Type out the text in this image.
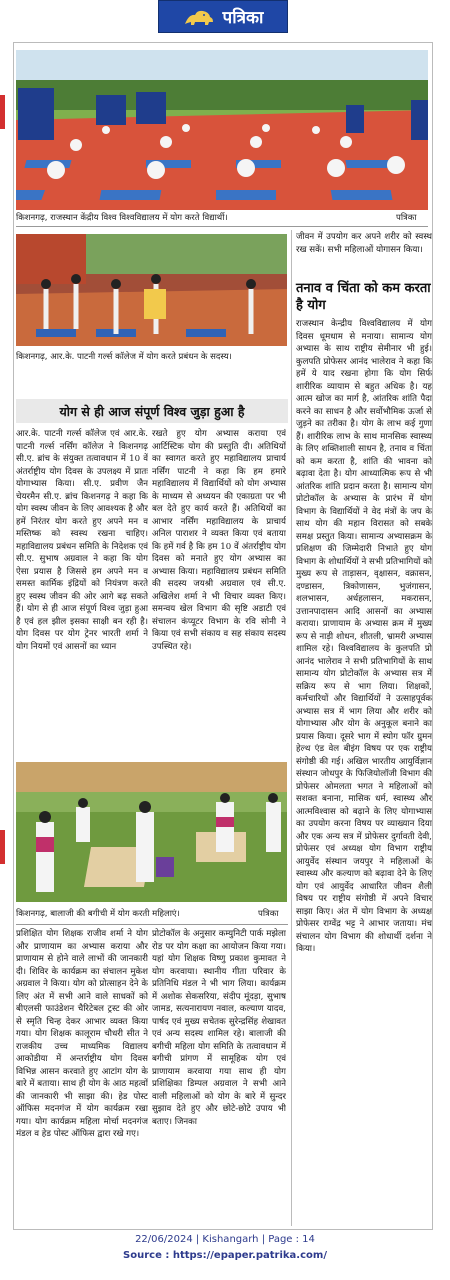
पत्रिका
किशनगढ़, राजस्थान केंद्रीय विश्व विश्वविद्यालय में योग करते विद्यार्थी।	पत्रिका
किशनगढ़, आर.के. पाटनी गर्ल्स कॉलेज में योग करते प्रबंधन के सदस्य।
योग से ही आज संपूर्ण विश्व जुड़ा हुआ है

आर.के. पाटनी गर्ल्स कॉलेज एवं आर.के. पाटनी गर्ल्स नर्सिंग कॉलेज ने किशनगढ़ सी.ए. ब्रांच के संयुक्त तत्वावधान में 10 वें अंतर्राष्ट्रीय योग दिवस के उपलक्ष्य में प्रातः योगाभ्यास किया। सी.ए. प्रवीण जैन चेयरमैन सी.ए. ब्रांच किशनगढ़ ने कहा कि योग स्वस्थ जीवन के लिए आवश्यक है और हमें निरंतर योग करते हुए अपने मन व मस्तिष्क को स्वस्थ रखना चाहिए। महाविद्यालय प्रबंधन समिति के निदेशक एवं सी.ए. सुभाष अग्रवाल ने कहा कि योग ऐसा प्रयास है जिससे हम अपने मन व समस्त कार्मिक इंद्रियों को नियंत्रण करते हुए स्वस्थ जीवन की ओर आगे बढ़ सकते हैं। योग से ही आज संपूर्ण विश्व जुड़ा हुआ है एवं हल झील इसका साक्षी बन रही है। योग दिवस पर योग ट्रेनर भारती शर्मा ने योग नियमों एवं आसनों का ध्यान

रखते हुए योग अभ्यास कराया एवं आर्टिस्टिक योग की प्रस्तुति दी। अतिथियों का स्वागत करते हुए महाविद्यालय प्राचार्य नर्सिंग पाटनी ने कहा कि हम हमारे महाविद्यालय में विद्यार्थियों को योग अभ्यास के माध्यम से अध्ययन की एकाग्रता पर भी बल देते हुए कार्य करते हैं। अतिथियों का आभार नर्सिंग महाविद्यालय के प्राचार्य अनिल पाराशर ने व्यक्त किया एवं बताया कि हमें गर्व है कि हम 10 वें अंतर्राष्ट्रीय योग दिवस को मनाते हुए योग अभ्यास का अभ्यास किया। महाविद्यालय प्रबंधन समिति की सदस्य जयश्री अग्रवाल एवं सी.ए. अखिलेश शर्मा ने भी विचार व्यक्त किए। समन्वय खेल विभाग की सृष्टि अडाटी एवं संचालन कंप्यूटर विभाग के रवि सोनी ने किया एवं सभी संकाय व सह संकाय सदस्य उपस्थित रहे।

किशनगढ़, बालाजी की बगीची में योग करती महिलाएं।	पत्रिका

प्रशिक्षित योग शिक्षक राजीव शर्मा ने योग और प्राणायाम का अभ्यास कराया और प्राणायाम से होने वाले लाभों की जानकारी दी। शिविर के कार्यक्रम का संचालन मुकेश अग्रवाल ने किया। योग को प्रोत्साहन देने के लिए अंत में सभी आने वाले साधकों को बीएलसी फाउंडेशन चैरिटेबल ट्रस्ट की ओर से स्मृति चिन्ह देकर आभार व्यक्त किया गया। योग शिक्षक कालूराम चौधरी सीत ने राजकीय उच्च माध्यमिक विद्यालय आकोडीया में अन्तर्राष्ट्रीय योग दिवस विभिन्न आसन करवाते हुए आटांग योग के बारे में बताया। साथ ही योग के आठ महत्वों की जानकारी भी साझा की। हेड पोस्ट ऑफिस मदनगंज में योग कार्यक्रम रखा गया। योग कार्यक्रम महिला मोर्चा मदनगंज मंडल व हेड पोस्ट ऑफिस द्वारा रखे गए।

प्रोटोकॉल के अनुसार कम्युनिटी पार्क मझेला रोड पर योग कक्षा का आयोजन किया गया। यहां योग शिक्षक विष्णु प्रकाश कुमावत ने योग करवाया। स्थानीय गीता परिवार के प्रतिनिधि मंडल ने भी भाग लिया। कार्यक्रम में अशोक सेकसरिया, संदीप मूंदड़ा, सुभाष जामड, सत्यनारायण नवाल, कल्याण यादव, पार्षद एवं मुख्य सचेतक सुरेन्द्रसिंह शेखावत एवं अन्य सदस्य शामिल रहे। बालाजी की बगीची महिला योग समिति के तत्वावधान में बगीची प्रांगण में सामूहिक योग एवं प्राणायाम करवाया गया साथ ही योग प्रशिक्षिका डिम्पल अग्रवाल ने सभी आने वाली महिलाओं को योग के बारे में सुन्दर सुझाव देते हुए और छोटे-छोटे उपाय भी बताए। जिनका

जीवन में उपयोग कर अपने शरीर को स्वस्थ रख सकें। सभी महिलाओं योगासन किया।

तनाव व चिंता को कम करता है योग

राजस्थान केन्द्रीय विश्वविद्यालय में योग दिवस धूमधाम से मनाया। सामान्य योग अभ्यास के साथ राष्ट्रीय सेमीनार भी हुई। कुलपति प्रोफेसर आनंद भालेराव ने कहा कि हमें ये याद रखना होगा कि योग सिर्फ शारीरिक व्यायाम से बहुत अधिक है। यह आत्म खोज का मार्ग है, आंतरिक शांति पैदा करने का साधन है और सर्वोभौमिक ऊर्जा से जुड़ने का तरीका है। योग के लाभ कई गुणा हैं। शारीरिक लाभ के साथ मानसिक स्वास्थ्य के लिए शक्तिशाली साधन है, तनाव व चिंता को कम करता है, शांति की भावना को बढ़ावा देता है। योग आध्यात्मिक रूप से भी आंतरिक शांति प्रदान करता है। सामान्य योग प्रोटोकॉल के अभ्यास के प्रारंभ में योग विभाग के विद्यार्थियों ने वेद मंत्रों के जप के साथ योग की महान विरासत को सबके समक्ष प्रस्तुत किया। सामान्य अभ्यासक्रम के प्रशिक्षण की जिम्मेदारी निभाते हुए योग विभाग के शोधार्थियों ने सभी प्रतिभागियों को मुख्य रूप से ताड़ासन, वृक्षासन, वक्रासन, दण्डासन, त्रिकोणासन, भुजंगासन, शलभासन, अर्धहलासन, मकरासन, उत्तानपादासन आदि आसनों का अभ्यास कराया। प्राणायाम के अभ्यास क्रम में मुख्य रूप से नाड़ी शोधन, शीतली, भ्रामरी अभ्यास शामिल रहे। विश्वविद्यालय के कुलपति प्रो आनंद भालेराव ने सभी प्रतिभागियों के साथ सामान्य योग प्रोटोकॉल के अभ्यास सत्र में सक्रिय रूप से भाग लिया। शिक्षकों, कर्मचारियों और विद्यार्थियों ने उत्साहपूर्वक अभ्यास सत्र में भाग लिया और शरीर को योगाभ्यास और योग के अनुकूल बनाने का प्रयास किया। दूसरे भाग में स्योग फॉर ग्रुमन हेल्थ एंड वेल बीइंग विषय पर एक राष्ट्रीय संगोष्ठी की गई। अखिल भारतीय आयुर्विज्ञान संस्थान जोधपुर के फिजियोलॉजी विभाग की प्रोफेसर ओमलता भगत ने महिलाओं को सशक्त बनाना, मासिक धर्म, स्वास्थ्य और आत्मविश्वास को बढ़ाने के लिए योगाभ्यास का उपयोग करना विषय पर व्याख्यान दिया और एक अन्य सत्र में प्रोफेसर दुर्गावती देवी, प्रोफेसर एवं अध्यक्ष योग विभाग राष्ट्रीय आयुर्वेद संस्थान जयपुर ने महिलाओं के स्वास्थ्य और कल्याण को बढ़ावा देने के लिए योग एवं आयुर्वेद आधारित जीवन शैली विषय पर राष्ट्रीय संगोष्ठी में अपने विचार साझा किए। अंत में योग विभाग के अध्यक्ष प्रोफेसर राग्वेंद्र भट्ट ने आभार जताया। मंच संचालन योग विभाग की शोधार्थी दर्शना ने किया।

22/06/2024 | Kishangarh | Page : 14
Source : https://epaper.patrika.com/
